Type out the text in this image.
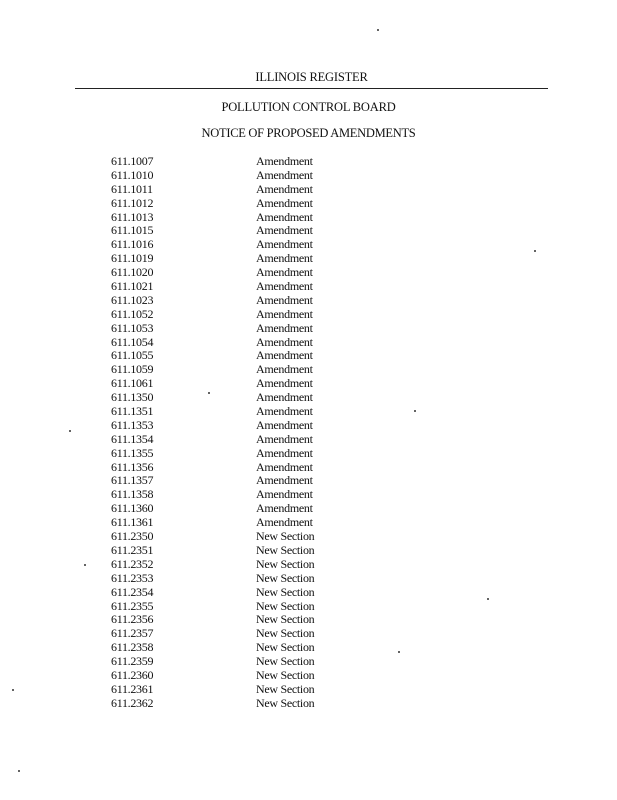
ILLINOIS REGISTER
POLLUTION CONTROL BOARD
NOTICE OF PROPOSED AMENDMENTS
611.1007	Amendment
611.1010	Amendment
611.1011	Amendment
611.1012	Amendment
611.1013	Amendment
611.1015	Amendment
611.1016	Amendment
611.1019	Amendment
611.1020	Amendment
611.1021	Amendment
611.1023	Amendment
611.1052	Amendment
611.1053	Amendment
611.1054	Amendment
611.1055	Amendment
611.1059	Amendment
611.1061	Amendment
611.1350	Amendment
611.1351	Amendment
611.1353	Amendment
611.1354	Amendment
611.1355	Amendment
611.1356	Amendment
611.1357	Amendment
611.1358	Amendment
611.1360	Amendment
611.1361	Amendment
611.2350	New Section
611.2351	New Section
611.2352	New Section
611.2353	New Section
611.2354	New Section
611.2355	New Section
611.2356	New Section
611.2357	New Section
611.2358	New Section
611.2359	New Section
611.2360	New Section
611.2361	New Section
611.2362	New Section
